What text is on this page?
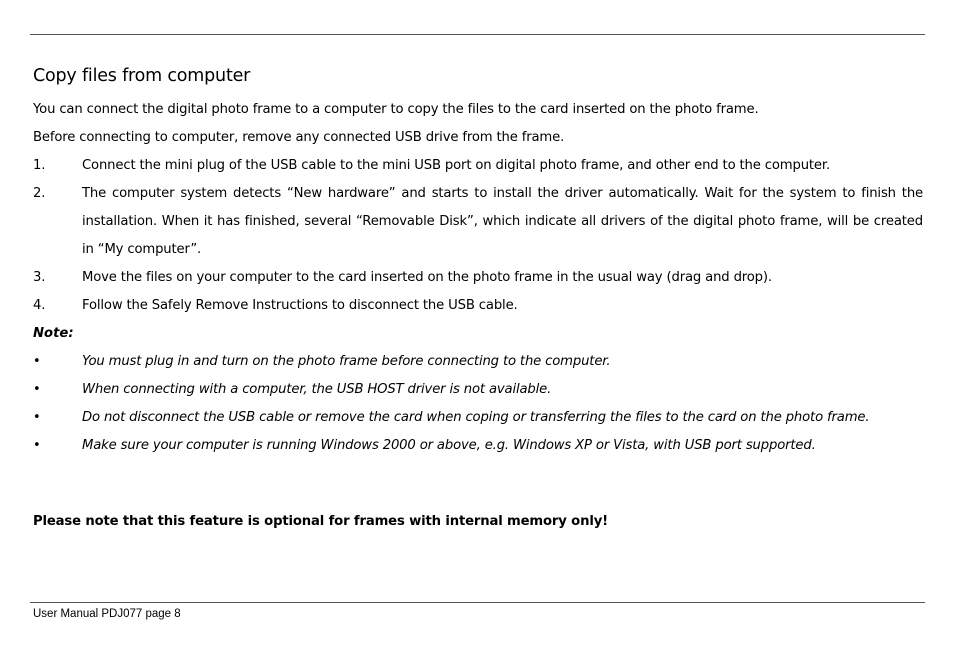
Copy files from computer

You can connect the digital photo frame to a computer to copy the files to the card inserted on the photo frame.

Before connecting to computer, remove any connected USB drive from the frame.

1.	Connect the mini plug of the USB cable to the mini USB port on digital photo frame, and other end to the computer.
2.	The computer system detects “New hardware” and starts to install the driver automatically. Wait for the system to finish the installation. When it has finished, several “Removable Disk”, which indicate all drivers of the digital photo frame, will be created in “My computer”.
3.	Move the files on your computer to the card inserted on the photo frame in the usual way (drag and drop).
4.	Follow the Safely Remove Instructions to disconnect the USB cable.

Note:

•	You must plug in and turn on the photo frame before connecting to the computer.
•	When connecting with a computer, the USB HOST driver is not available.
•	Do not disconnect the USB cable or remove the card when coping or transferring the files to the card on the photo frame.
•	Make sure your computer is running Windows 2000 or above, e.g. Windows XP or Vista, with USB port supported.
Please note that this feature is optional for frames with internal memory only!
User Manual PDJ077 page 8
